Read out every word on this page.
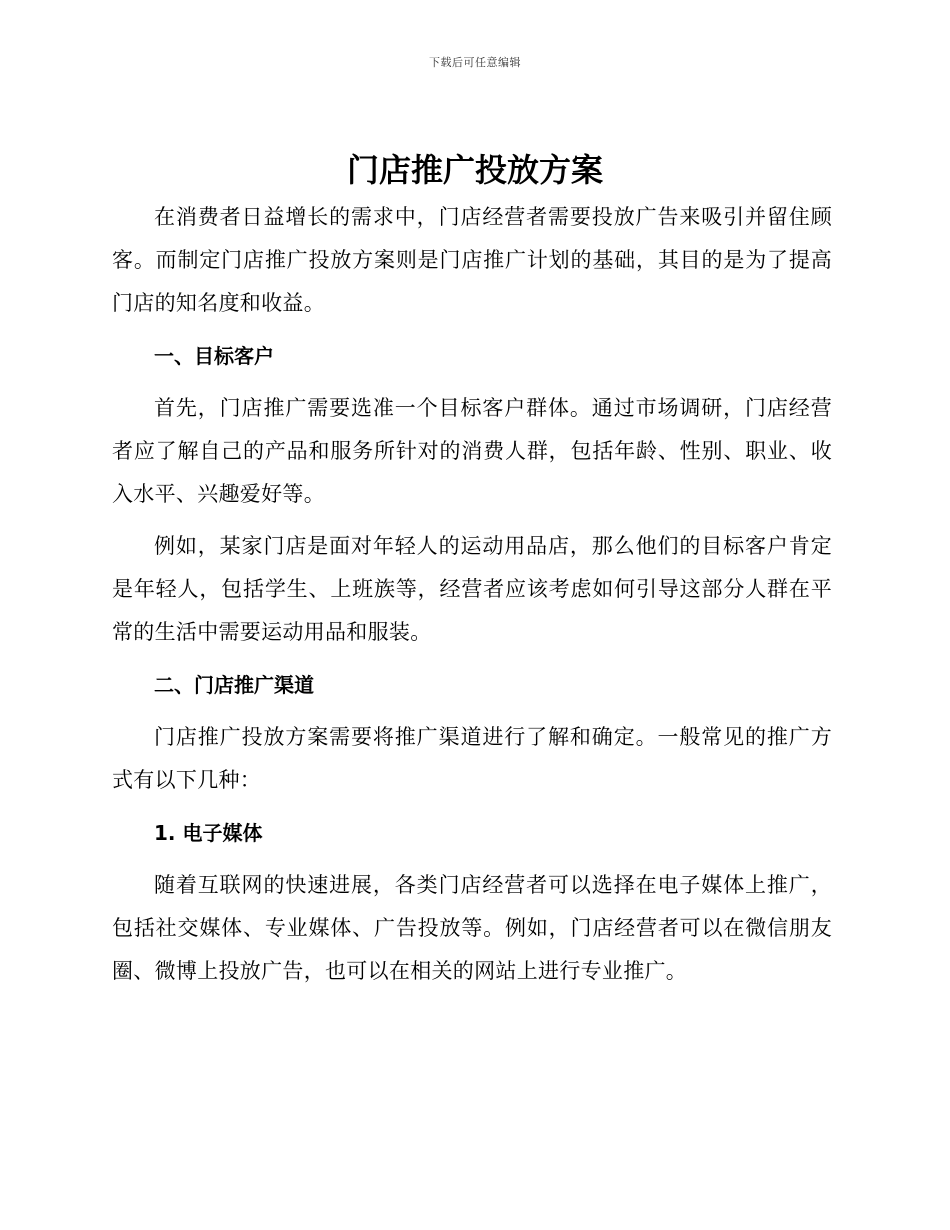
下载后可任意编辑
门店推广投放方案

在消费者日益增长的需求中，门店经营者需要投放广告来吸引并留住顾客。而制定门店推广投放方案则是门店推广计划的基础，其目的是为了提高门店的知名度和收益。

一、目标客户

首先，门店推广需要选准一个目标客户群体。通过市场调研，门店经营者应了解自己的产品和服务所针对的消费人群，包括年龄、性别、职业、收入水平、兴趣爱好等。

例如，某家门店是面对年轻人的运动用品店，那么他们的目标客户肯定是年轻人，包括学生、上班族等，经营者应该考虑如何引导这部分人群在平常的生活中需要运动用品和服装。

二、门店推广渠道

门店推广投放方案需要将推广渠道进行了解和确定。一般常见的推广方式有以下几种：

1. 电子媒体

随着互联网的快速进展，各类门店经营者可以选择在电子媒体上推广，包括社交媒体、专业媒体、广告投放等。例如，门店经营者可以在微信朋友圈、微博上投放广告，也可以在相关的网站上进行专业推广。
